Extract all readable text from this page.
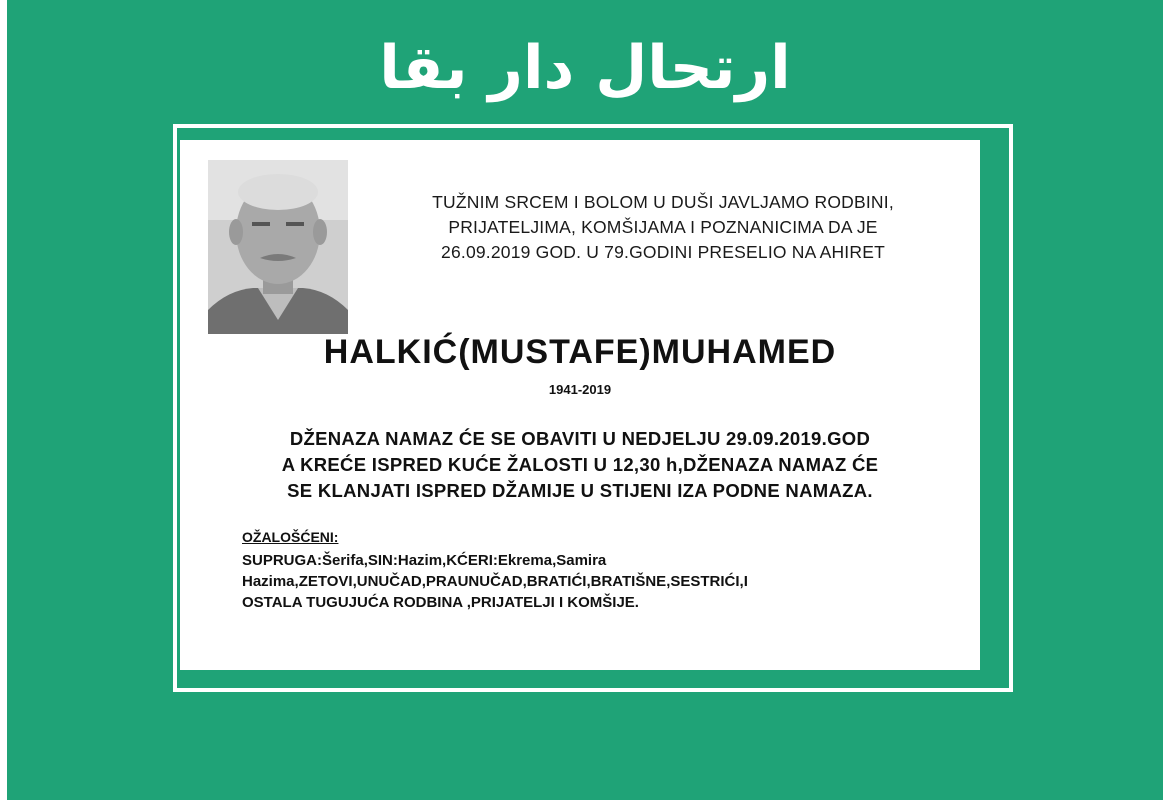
ارتحال دار بقا
TUŽNIM SRCEM I BOLOM U DUŠI JAVLJAMO RODBINI,
PRIJATELJIMA, KOMŠIJAMA I POZNANICIMA DA JE
26.09.2019 GOD. U 79.GODINI PRESELIO NA AHIRET
HALKIĆ(MUSTAFE)MUHAMED
1941-2019
DŽENAZA NAMAZ ĆE SE OBAVITI U NEDJELJU 29.09.2019.GOD
A KREĆE ISPRED KUĆE ŽALOSTI U 12,30 h,DŽENAZA NAMAZ ĆE
SE KLANJATI ISPRED DŽAMIJE U STIJENI IZA PODNE NAMAZA.
OŽALOŠĆENI:
SUPRUGA:Šerifa,SIN:Hazim,KĆERI:Ekrema,Samira
Hazima,ZETOVI,UNUČAD,PRAUNUČAD,BRATIĆI,BRATIŠNE,SESTRIĆI,I
OSTALA TUGUJUĆA RODBINA ,PRIJATELJI I KOMŠIJE.
